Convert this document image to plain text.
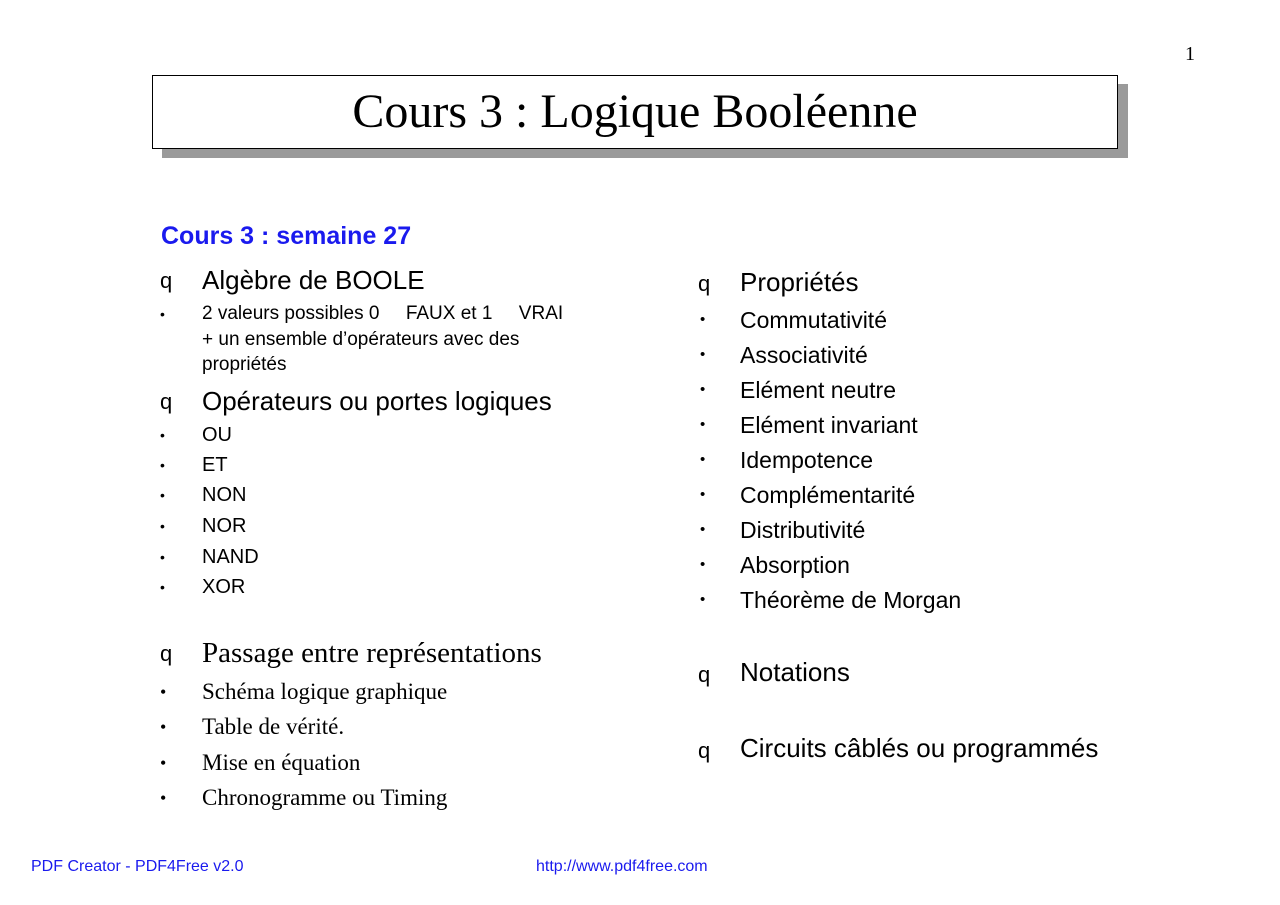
1
Cours 3 : Logique Booléenne
Cours 3 : semaine 27
q Algèbre de BOOLE
• 2 valeurs possibles 0     FAUX et 1     VRAI
+ un ensemble d’opérateurs avec des
propriétés
q Opérateurs ou portes logiques
• OU
• ET
• NON
• NOR
• NAND
• XOR
q Passage entre représentations
• Schéma logique graphique
• Table de vérité.
• Mise en équation
• Chronogramme ou Timing
q Propriétés
• Commutativité
• Associativité
• Elément neutre
• Elément invariant
• Idempotence
• Complémentarité
• Distributivité
• Absorption
• Théorème de Morgan
q Notations
q Circuits câblés ou programmés
PDF Creator - PDF4Free v2.0	http://www.pdf4free.com
